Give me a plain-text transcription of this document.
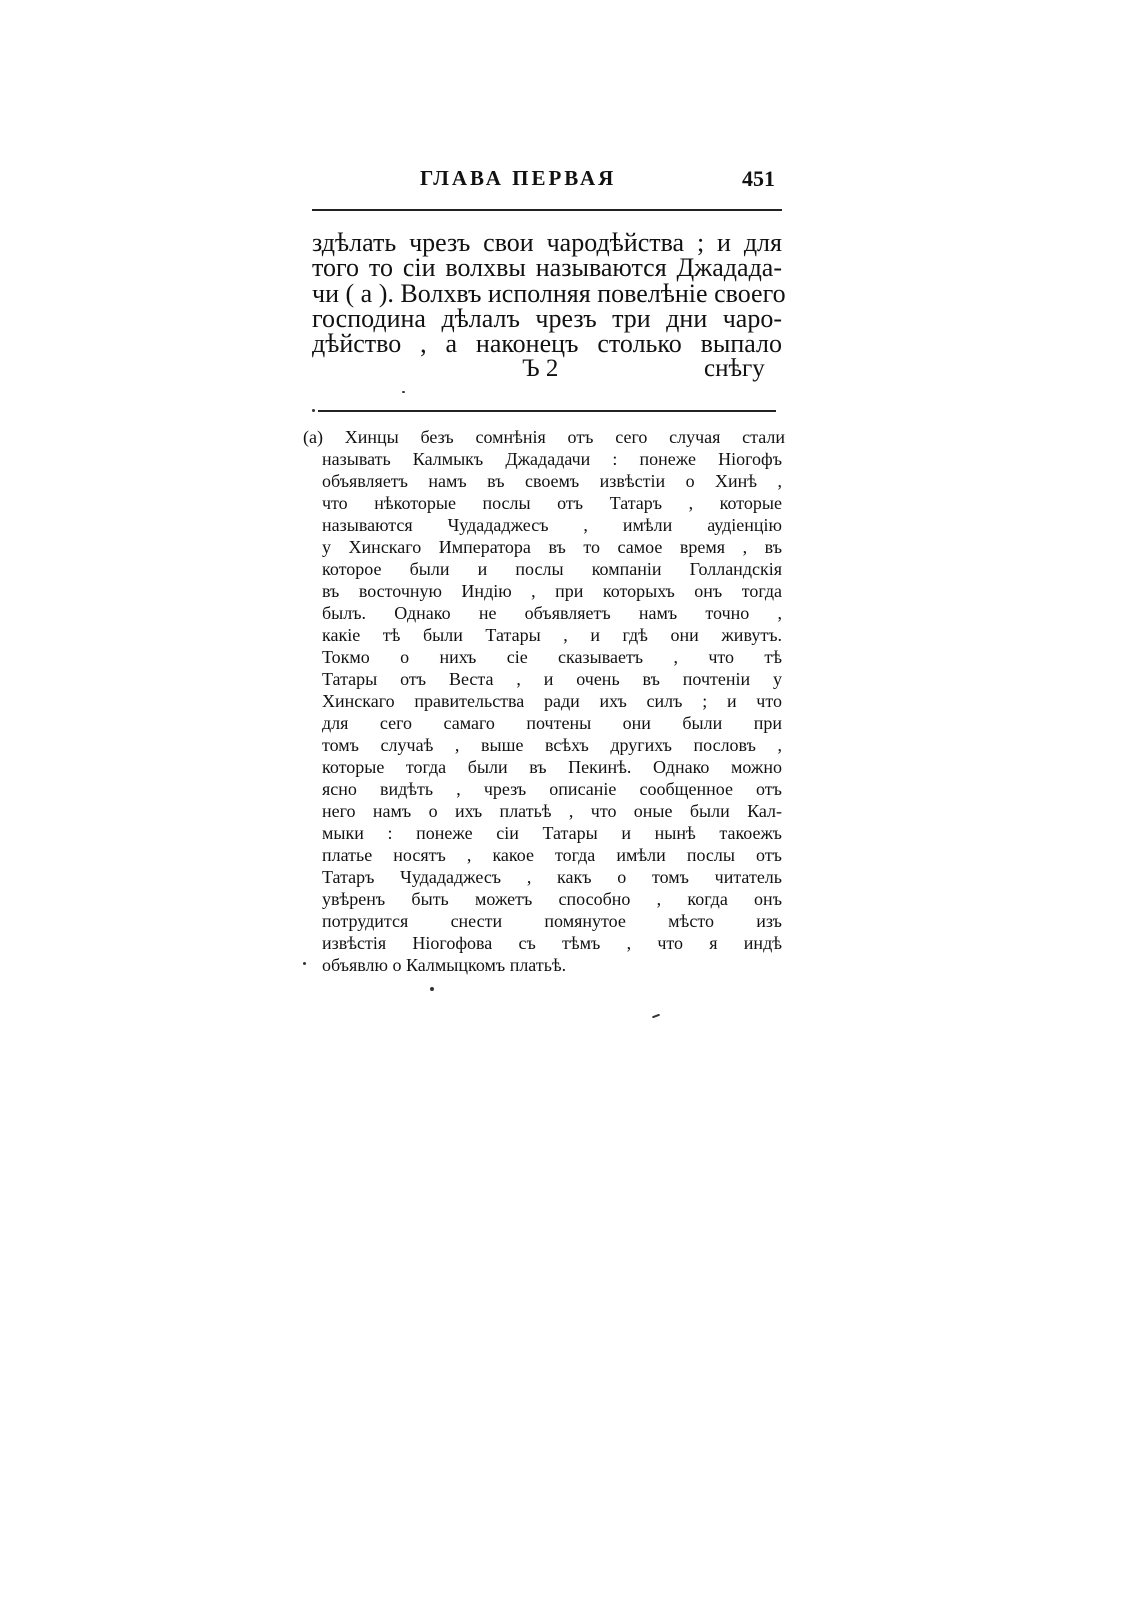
ГЛАВА ПЕРВАЯ	451
здѣлать чрезъ свои чародѣйства ; и для
того то сiи волхвы называются Джадада-
чи ( a ). Волхвъ исполняя повелѣнiе своего
господина дѣлалъ чрезъ три дни чаро-
дѣйство , а наконецъ столько выпало
Ъ 2	снѣгу
(a) Хинцы безъ сомнѣнiя отъ сего случая стали
называть Калмыкъ Джададачи : понеже Нiогофъ
объявляетъ намъ въ своемъ извѣстiи о Хинѣ ,
что нѣкоторые послы отъ Татаръ , которые
называются Чудададжесъ , имѣли аудiенцiю
у Хинскаго Императора въ то самое время , въ
которое были и послы компанiи Голландскiя
въ восточную Индiю , при которыхъ онъ тогда
былъ. Однако не объявляетъ намъ точно ,
какiе тѣ были Татары , и гдѣ они живутъ.
Токмо о нихъ сiе сказываетъ , что тѣ
Татары отъ Веста , и очень въ почтенiи у
Хинскаго правительства ради ихъ силъ ; и что
для сего самаго почтены они были при
томъ случаѣ , выше всѣхъ другихъ пословъ ,
которые тогда были въ Пекинѣ. Однако можно
ясно видѣть , чрезъ описанiе сообщенное отъ
него намъ о ихъ платьѣ , что оные были Кал-
мыки : понеже сiи Татары и нынѣ такоежъ
платье носятъ , какое тогда имѣли послы отъ
Татаръ Чудададжесъ , какъ о томъ читатель
увѣренъ быть можетъ способно , когда онъ
потрудится снести помянутое мѣсто изъ
извѣстiя Нiогофова съ тѣмъ , что я индѣ
объявлю о Калмыцкомъ платьѣ.
